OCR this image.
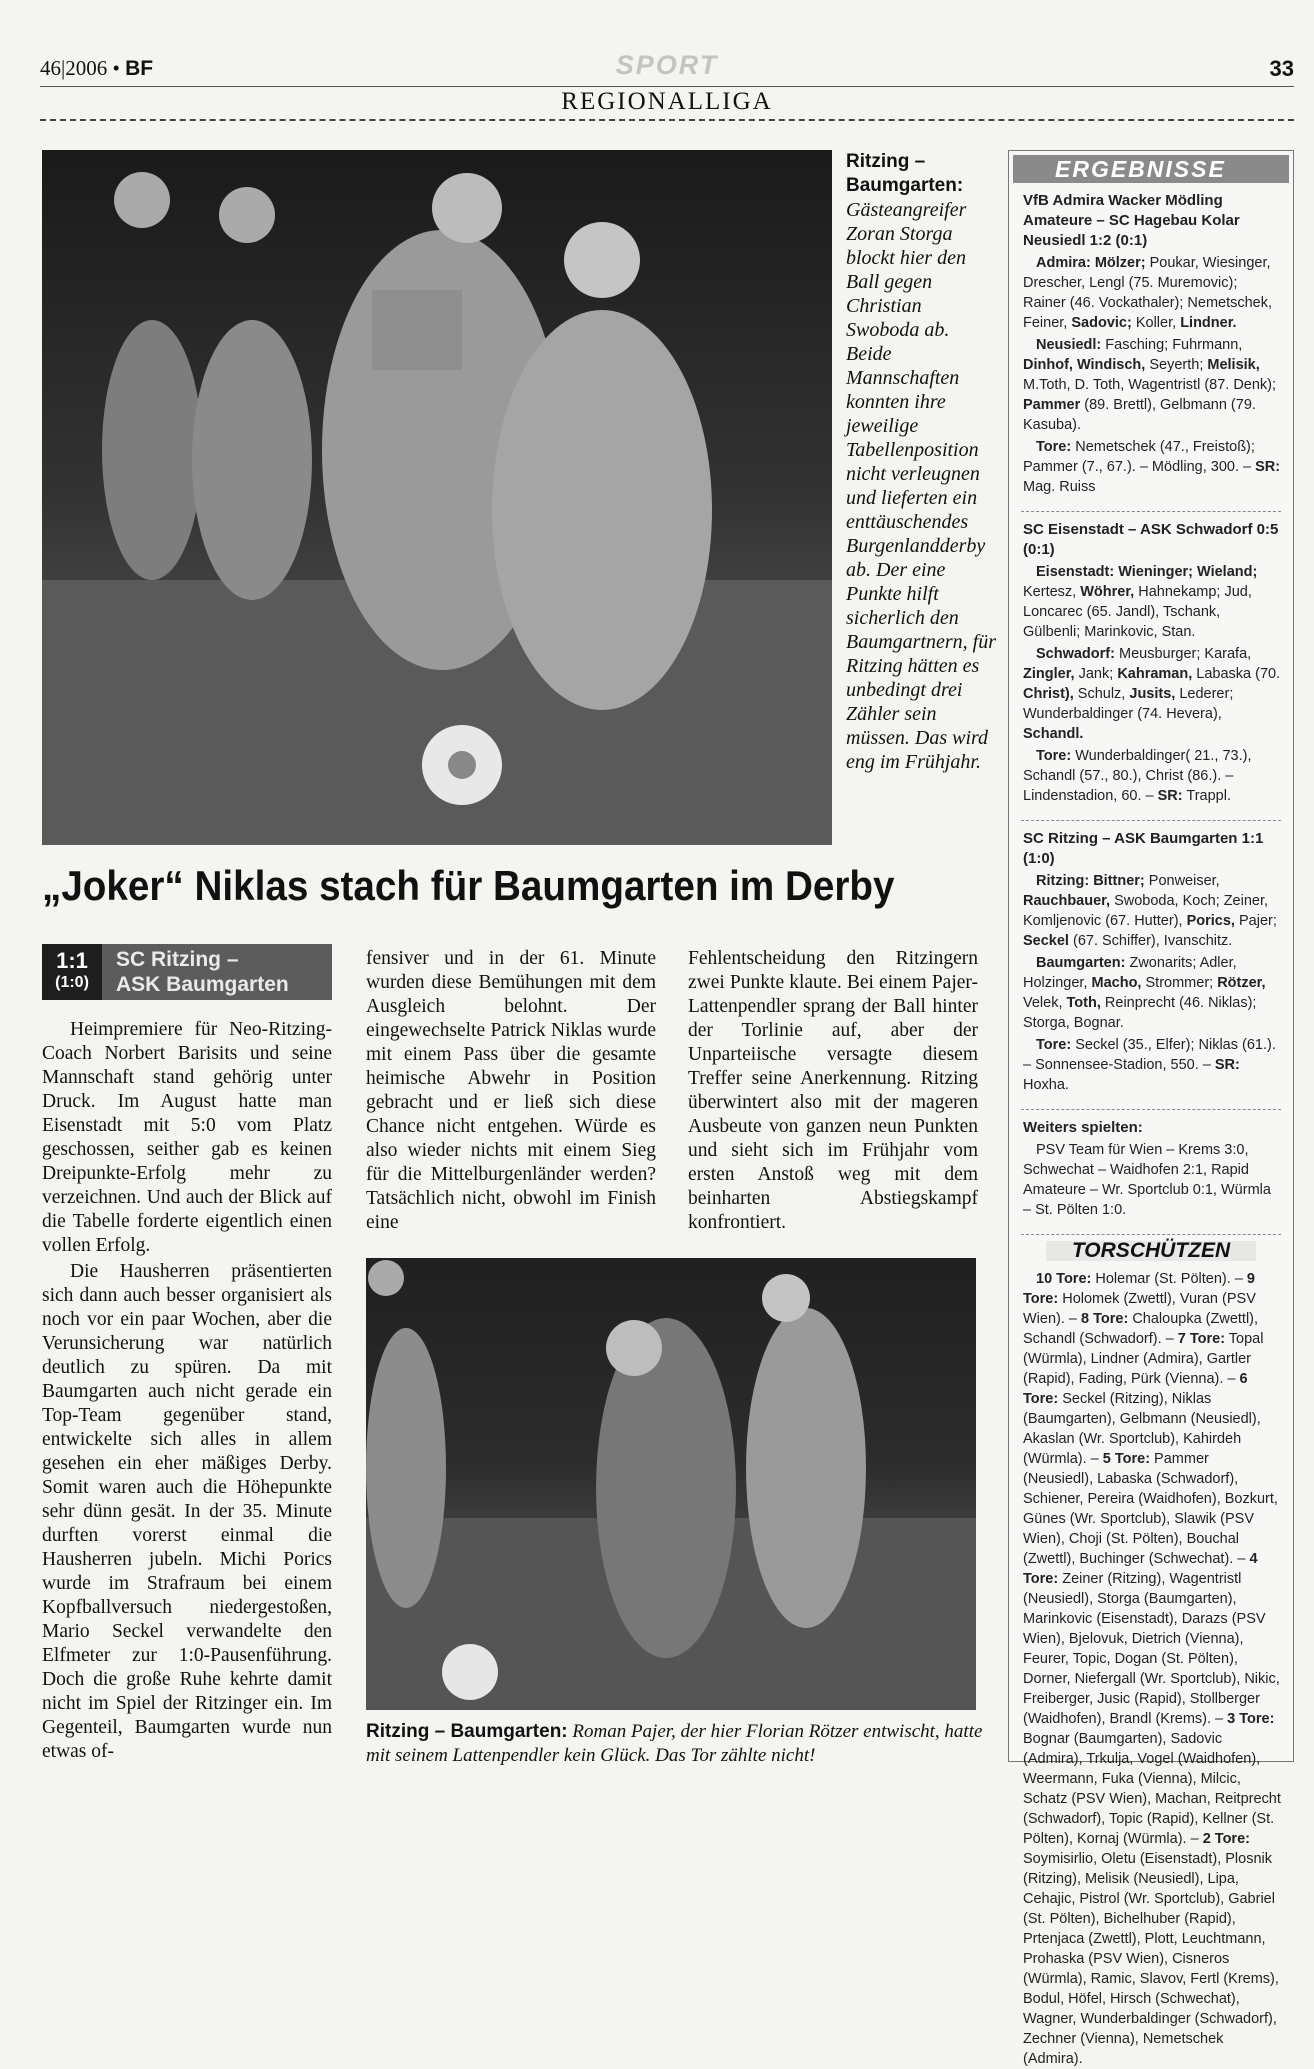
46|2006 • BF	SPORT	33
REGIONALLIGA
Ritzing – Baumgarten:
Gästeangreifer Zoran Storga blockt hier den Ball gegen Christian Swoboda ab. Beide Mannschaften konnten ihre jeweilige Tabellenposition nicht verleugnen und lieferten ein enttäuschendes Burgenlandderby ab. Der eine Punkte hilft sicherlich den Baumgartnern, für Ritzing hätten es unbedingt drei Zähler sein müssen. Das wird eng im Frühjahr.
„Joker“ Niklas stach für Baumgarten im Derby
1:1
(1:0)
SC Ritzing –
ASK Baumgarten

Heimpremiere für Neo-Ritzing-Coach Norbert Barisits und seine Mannschaft stand gehörig unter Druck. Im August hatte man Eisenstadt mit 5:0 vom Platz geschossen, seither gab es keinen Dreipunkte-Erfolg mehr zu verzeichnen. Und auch der Blick auf die Tabelle forderte eigentlich einen vollen Erfolg.

Die Hausherren präsentierten sich dann auch besser organisiert als noch vor ein paar Wochen, aber die Verunsicherung war natürlich deutlich zu spüren. Da mit Baumgarten auch nicht gerade ein Top-Team gegenüber stand, entwickelte sich alles in allem gesehen ein eher mäßiges Derby. Somit waren auch die Höhepunkte sehr dünn gesät. In der 35. Minute durften vorerst einmal die Hausherren jubeln. Michi Porics wurde im Strafraum bei einem Kopfballversuch niedergestoßen, Mario Seckel verwandelte den Elfmeter zur 1:0-Pausenführung. Doch die große Ruhe kehrte damit nicht im Spiel der Ritzinger ein. Im Gegenteil, Baumgarten wurde nun etwas of-

fensiver und in der 61. Minute wurden diese Bemühungen mit dem Ausgleich belohnt. Der eingewechselte Patrick Niklas wurde mit einem Pass über die gesamte heimische Abwehr in Position gebracht und er ließ sich diese Chance nicht entgehen. Würde es also wieder nichts mit einem Sieg für die Mittelburgenländer werden? Tatsächlich nicht, obwohl im Finish eine

Fehlentscheidung den Ritzingern zwei Punkte klaute. Bei einem Pajer-Lattenpendler sprang der Ball hinter der Torlinie auf, aber der Unparteiische versagte diesem Treffer seine Anerkennung. Ritzing überwintert also mit der mageren Ausbeute von ganzen neun Punkten und sieht sich im Frühjahr vom ersten Anstoß weg mit dem beinharten Abstiegskampf konfrontiert.

Ritzing – Baumgarten: Roman Pajer, der hier Florian Rötzer entwischt, hatte mit seinem Lattenpendler kein Glück. Das Tor zählte nicht!
ERGEBNISSE
VfB Admira Wacker Mödling Amateure – SC Hagebau Kolar Neusiedl 1:2 (0:1)
Admira: Mölzer; Poukar, Wiesinger, Drescher, Lengl (75. Muremovic); Rainer (46. Vockathaler); Nemetschek, Feiner, Sadovic; Koller, Lindner.
Neusiedl: Fasching; Fuhrmann, Dinhof, Windisch, Seyerth; Melisik, M.Toth, D. Toth, Wagentristl (87. Denk); Pammer (89. Brettl), Gelbmann (79. Kasuba).
Tore: Nemetschek (47., Freistoß); Pammer (7., 67.). – Mödling, 300. – SR: Mag. Ruiss
SC Eisenstadt – ASK Schwadorf 0:5 (0:1)
Eisenstadt: Wieninger; Wieland; Kertesz, Wöhrer, Hahnekamp; Jud, Loncarec (65. Jandl), Tschank, Gülbenli; Marinkovic, Stan.
Schwadorf: Meusburger; Karafa, Zingler, Jank; Kahraman, Labaska (70. Christ), Schulz, Jusits, Lederer; Wunderbaldinger (74. Hevera), Schandl.
Tore: Wunderbaldinger( 21., 73.), Schandl (57., 80.), Christ (86.). – Lindenstadion, 60. – SR: Trappl.
SC Ritzing – ASK Baumgarten 1:1 (1:0)
Ritzing: Bittner; Ponweiser, Rauchbauer, Swoboda, Koch; Zeiner, Komljenovic (67. Hutter), Porics, Pajer; Seckel (67. Schiffer), Ivanschitz.
Baumgarten: Zwonarits; Adler, Holzinger, Macho, Strommer; Rötzer, Velek, Toth, Reinprecht (46. Niklas); Storga, Bognar.
Tore: Seckel (35., Elfer); Niklas (61.). – Sonnensee-Stadion, 550. – SR: Hoxha.
Weiters spielten:
PSV Team für Wien – Krems 3:0, Schwechat – Waidhofen 2:1, Rapid Amateure – Wr. Sportclub 0:1, Würmla – St. Pölten 1:0.
TORSCHÜTZEN
10 Tore: Holemar (St. Pölten). – 9 Tore: Holomek (Zwettl), Vuran (PSV Wien). – 8 Tore: Chaloupka (Zwettl), Schandl (Schwadorf). – 7 Tore: Topal (Würmla), Lindner (Admira), Gartler (Rapid), Fading, Pürk (Vienna). – 6 Tore: Seckel (Ritzing), Niklas (Baumgarten), Gelbmann (Neusiedl), Akaslan (Wr. Sportclub), Kahirdeh (Würmla). – 5 Tore: Pammer (Neusiedl), Labaska (Schwadorf), Schiener, Pereira (Waidhofen), Bozkurt, Günes (Wr. Sportclub), Slawik (PSV Wien), Choji (St. Pölten), Bouchal (Zwettl), Buchinger (Schwechat). – 4 Tore: Zeiner (Ritzing), Wagentristl (Neusiedl), Storga (Baumgarten), Marinkovic (Eisenstadt), Darazs (PSV Wien), Bjelovuk, Dietrich (Vienna), Feurer, Topic, Dogan (St. Pölten), Dorner, Niefergall (Wr. Sportclub), Nikic, Freiberger, Jusic (Rapid), Stollberger (Waidhofen), Brandl (Krems). – 3 Tore: Bognar (Baumgarten), Sadovic (Admira), Trkulja, Vogel (Waidhofen), Weermann, Fuka (Vienna), Milcic, Schatz (PSV Wien), Machan, Reitprecht (Schwadorf), Topic (Rapid), Kellner (St. Pölten), Kornaj (Würmla). – 2 Tore: Soymisirlio, Oletu (Eisenstadt), Plosnik (Ritzing), Melisik (Neusiedl), Lipa, Cehajic, Pistrol (Wr. Sportclub), Gabriel (St. Pölten), Bichelhuber (Rapid), Prtenjaca (Zwettl), Plott, Leuchtmann, Prohaska (PSV Wien), Cisneros (Würmla), Ramic, Slavov, Fertl (Krems), Bodul, Höfel, Hirsch (Schwechat), Wagner, Wunderbaldinger (Schwadorf), Zechner (Vienna), Nemetschek (Admira).
